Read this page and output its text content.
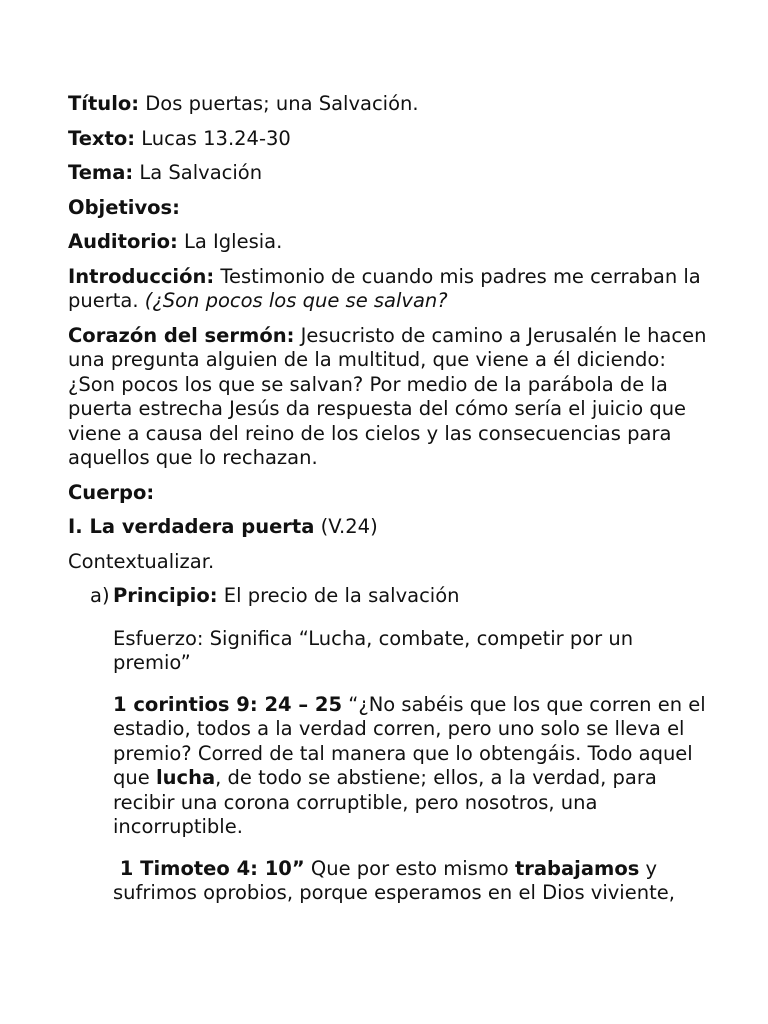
Título: Dos puertas; una Salvación.

Texto: Lucas 13.24-30

Tema: La Salvación

Objetivos:

Auditorio: La Iglesia.

Introducción: Testimonio de cuando mis padres me cerraban la puerta. (¿Son pocos los que se salvan?

Corazón del sermón: Jesucristo de camino a Jerusalén le hacen una pregunta alguien de la multitud, que viene a él diciendo: ¿Son pocos los que se salvan? Por medio de la parábola de la puerta estrecha Jesús da respuesta del cómo sería el juicio que viene a causa del reino de los cielos y las consecuencias para aquellos que lo rechazan.

Cuerpo:

I. La verdadera puerta (V.24)

Contextualizar.

a) Principio: El precio de la salvación

Esfuerzo: Significa “Lucha, combate, competir por un premio”

1 corintios 9: 24 – 25 “¿No sabéis que los que corren en el estadio, todos a la verdad corren, pero uno solo se lleva el premio? Corred de tal manera que lo obtengáis. Todo aquel que lucha, de todo se abstiene; ellos, a la verdad, para recibir una corona corruptible, pero nosotros, una incorruptible.

1 Timoteo 4: 10” Que por esto mismo trabajamos y sufrimos oprobios, porque esperamos en el Dios viviente,
